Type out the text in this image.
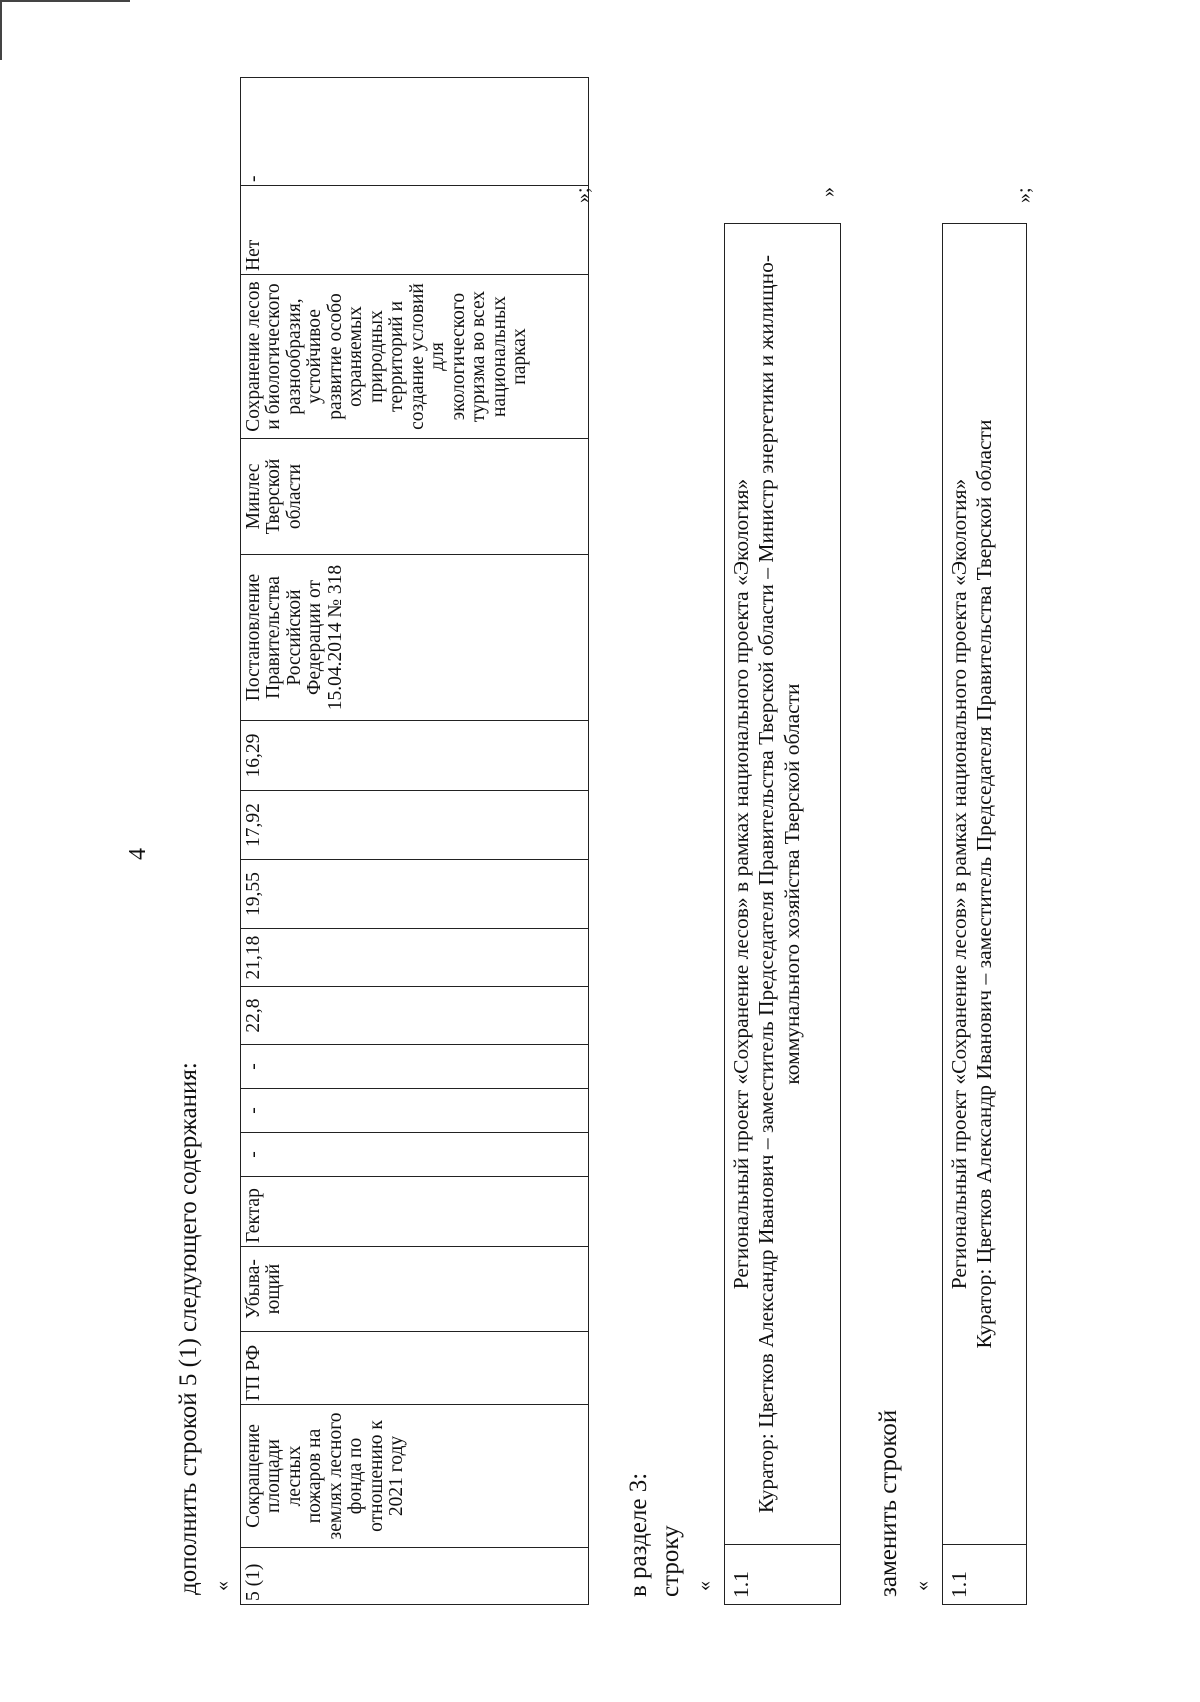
4
дополнить строкой 5 (1) следующего содержания: « 5 (1)	Сокращение площади лесных пожаров на землях лесного фонда по отношению к 2021 году	ГП РФ	Убыва-ющий	Гектар	-	-	-	22,8	21,18	19,55	17,92	16,29	Постановление Правительства Российской Федерации от 15.04.2014 № 318	Минлес Тверской области	Сохранение лесов и биологического разнообразия, устойчивое развитие особо охраняемых природных территорий и создание условий для экологического туризма во всех национальных парках	Нет	-
»;
в разделе 3: строку « 1.1	
Региональный проект «Сохранение лесов» в рамках национального проекта «Экология» Куратор: Цветков Александр Иванович – заместитель Председателя Правительства Тверской области – Министр энергетики и жилищно-коммунального хозяйства Тверской области
»
заменить строкой « 1.1	
Региональный проект «Сохранение лесов» в рамках национального проекта «Экология» Куратор: Цветков Александр Иванович – заместитель Председателя Правительства Тверской области
»;
